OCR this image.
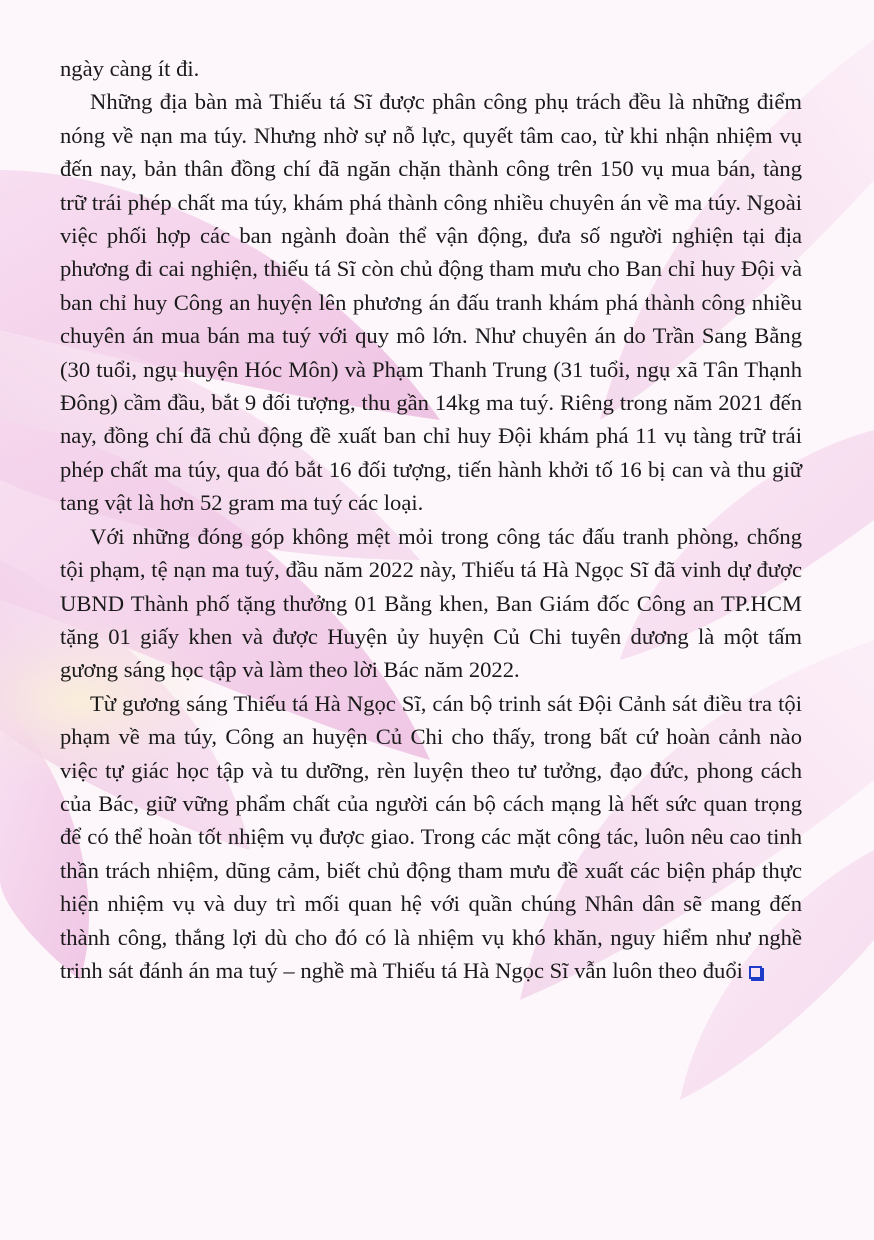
ngày càng ít đi.

Những địa bàn mà Thiếu tá Sĩ được phân công phụ trách đều là những điểm nóng về nạn ma túy. Nhưng nhờ sự nỗ lực, quyết tâm cao, từ khi nhận nhiệm vụ đến nay, bản thân đồng chí đã ngăn chặn thành công trên 150 vụ mua bán, tàng trữ trái phép chất ma túy, khám phá thành công nhiều chuyên án về ma túy. Ngoài việc phối hợp các ban ngành đoàn thể vận động, đưa số người nghiện tại địa phương đi cai nghiện, thiếu tá Sĩ còn chủ động tham mưu cho Ban chỉ huy Đội và ban chỉ huy Công an huyện lên phương án đấu tranh khám phá thành công nhiều chuyên án mua bán ma tuý với quy mô lớn. Như chuyên án do Trần Sang Bằng (30 tuổi, ngụ huyện Hóc Môn) và Phạm Thanh Trung (31 tuổi, ngụ xã Tân Thạnh Đông) cầm đầu, bắt 9 đối tượng, thu gần 14kg ma tuý. Riêng trong năm 2021 đến nay, đồng chí đã chủ động đề xuất ban chỉ huy Đội khám phá 11 vụ tàng trữ trái phép chất ma túy, qua đó bắt 16 đối tượng, tiến hành khởi tố 16 bị can và thu giữ tang vật là hơn 52 gram ma tuý các loại.

Với những đóng góp không mệt mỏi trong công tác đấu tranh phòng, chống tội phạm, tệ nạn ma tuý, đầu năm 2022 này, Thiếu tá Hà Ngọc Sĩ đã vinh dự được UBND Thành phố tặng thưởng 01 Bằng khen, Ban Giám đốc Công an TP.HCM tặng 01 giấy khen và được Huyện ủy huyện Củ Chi tuyên dương là một tấm gương sáng học tập và làm theo lời Bác năm 2022.

Từ gương sáng Thiếu tá Hà Ngọc Sĩ, cán bộ trinh sát Đội Cảnh sát điều tra tội phạm về ma túy, Công an huyện Củ Chi cho thấy, trong bất cứ hoàn cảnh nào việc tự giác học tập và tu dưỡng, rèn luyện theo tư tưởng, đạo đức, phong cách của Bác, giữ vững phẩm chất của người cán bộ cách mạng là hết sức quan trọng để có thể hoàn tốt nhiệm vụ được giao. Trong các mặt công tác, luôn nêu cao tinh thần trách nhiệm, dũng cảm, biết chủ động tham mưu đề xuất các biện pháp thực hiện nhiệm vụ và duy trì mối quan hệ với quần chúng Nhân dân sẽ mang đến thành công, thắng lợi dù cho đó có là nhiệm vụ khó khăn, nguy hiểm như nghề trinh sát đánh án ma tuý – nghề mà Thiếu tá Hà Ngọc Sĩ vẫn luôn theo đuổi
